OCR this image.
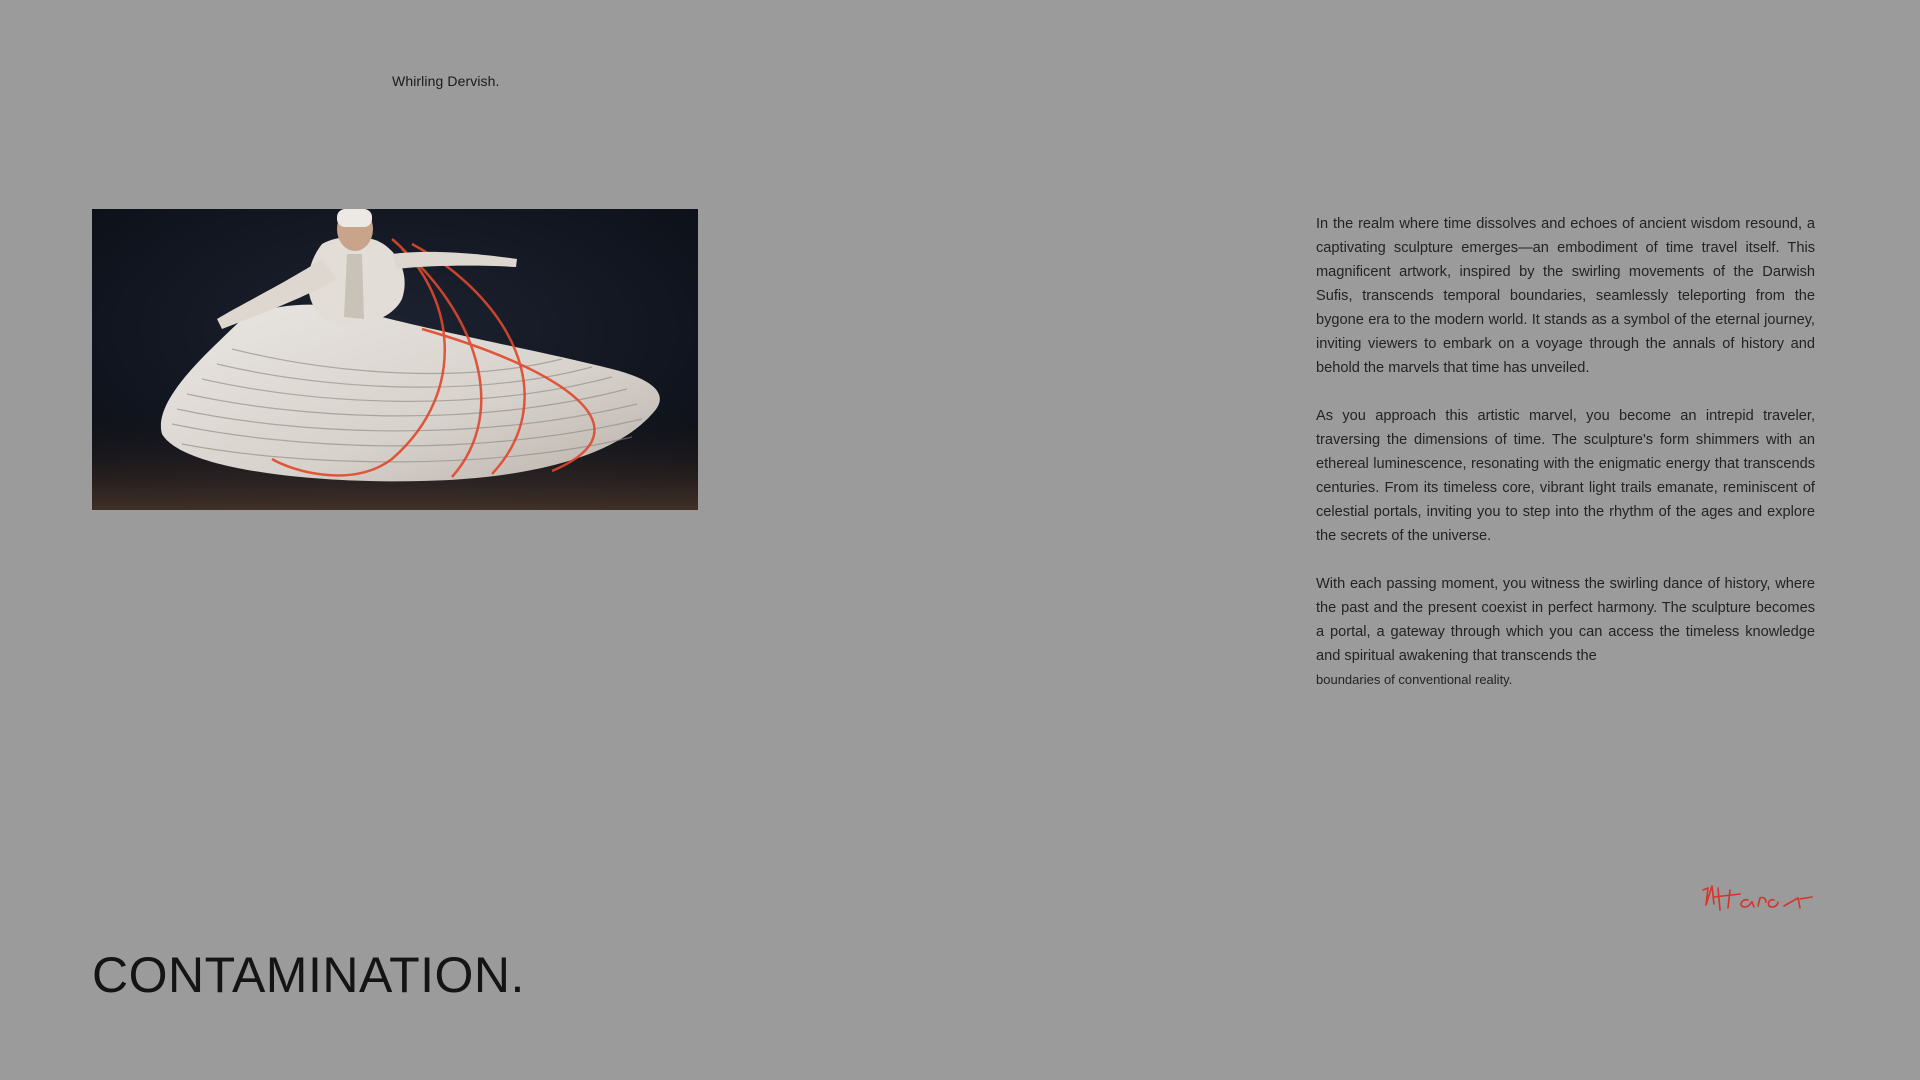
Whirling Dervish.

In the realm where time dissolves and echoes of ancient wisdom resound, a captivating sculpture emerges—an embodiment of time travel itself. This magnificent artwork, inspired by the swirling movements of the Darwish Sufis, transcends temporal boundaries, seamlessly teleporting from the bygone era to the modern world. It stands as a symbol of the eternal journey, inviting viewers to embark on a voyage through the annals of history and behold the marvels that time has unveiled.

As you approach this artistic marvel, you become an intrepid traveler, traversing the dimensions of time. The sculpture's form shimmers with an ethereal luminescence, resonating with the enigmatic energy that transcends centuries. From its timeless core, vibrant light trails emanate, reminiscent of celestial portals, inviting you to step into the rhythm of the ages and explore the secrets of the universe.

With each passing moment, you witness the swirling dance of history, where the past and the present coexist in perfect harmony. The sculpture becomes a portal, a gateway through which you can access the timeless knowledge and spiritual awakening that transcends the

boundaries of conventional reality.

CONTAMINATION.
